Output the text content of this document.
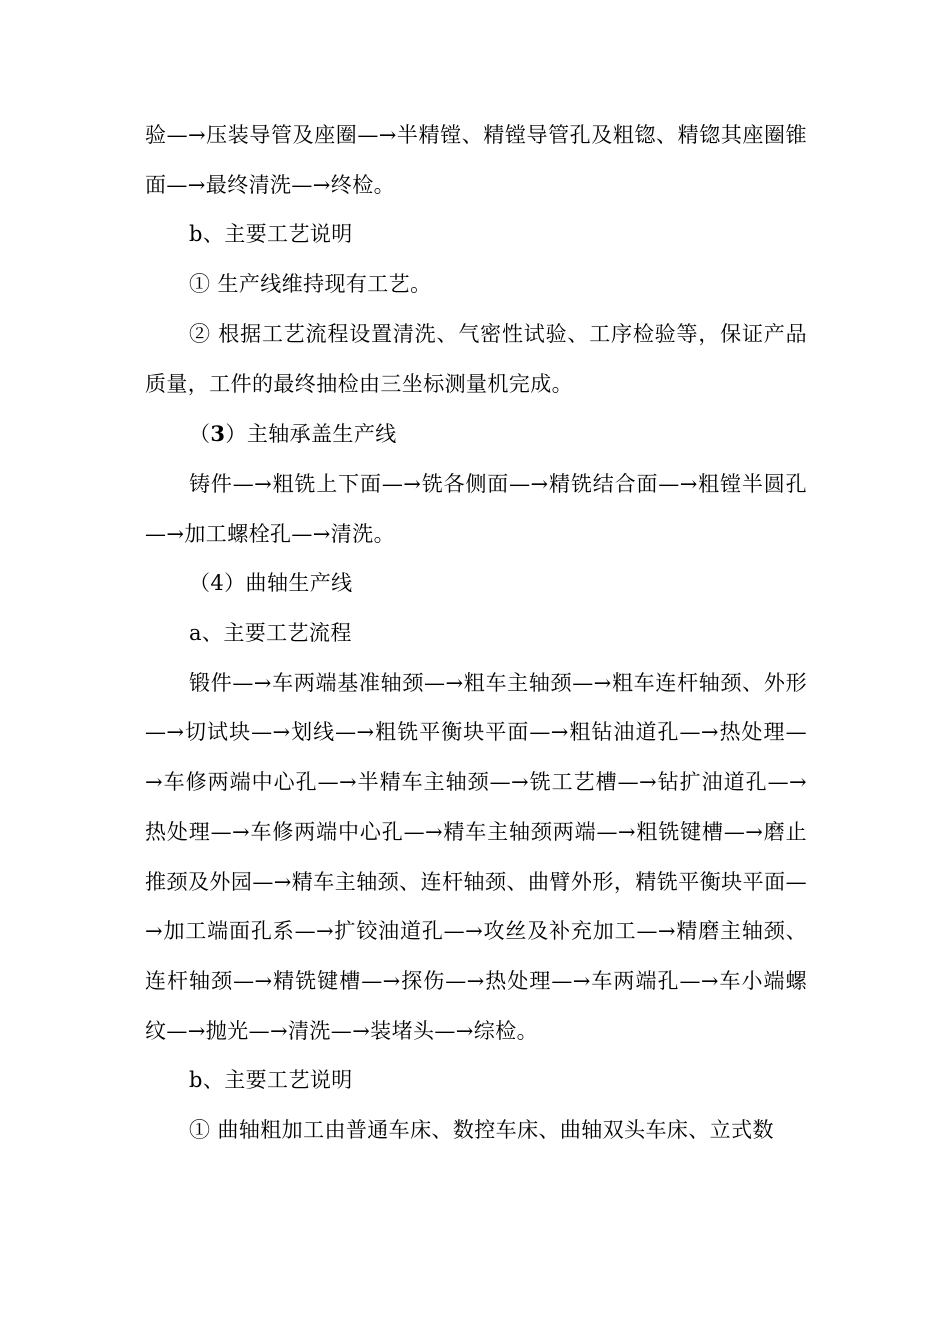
验—→压装导管及座圈—→半精镗、精镗导管孔及粗锪、精锪其座圈锥面—→最终清洗—→终检。

b、主要工艺说明

① 生产线维持现有工艺。

② 根据工艺流程设置清洗、气密性试验、工序检验等，保证产品质量，工件的最终抽检由三坐标测量机完成。

（3）主轴承盖生产线

铸件—→粗铣上下面—→铣各侧面—→精铣结合面—→粗镗半圆孔—→加工螺栓孔—→清洗。

（4）曲轴生产线

a、主要工艺流程

锻件—→车两端基准轴颈—→粗车主轴颈—→粗车连杆轴颈、外形—→切试块—→划线—→粗铣平衡块平面—→粗钻油道孔—→热处理—→车修两端中心孔—→半精车主轴颈—→铣工艺槽—→钻扩油道孔—→热处理—→车修两端中心孔—→精车主轴颈两端—→粗铣键槽—→磨止推颈及外园—→精车主轴颈、连杆轴颈、曲臂外形，精铣平衡块平面—→加工端面孔系—→扩铰油道孔—→攻丝及补充加工—→精磨主轴颈、连杆轴颈—→精铣键槽—→探伤—→热处理—→车两端孔—→车小端螺纹—→抛光—→清洗—→装堵头—→综检。

b、主要工艺说明

① 曲轴粗加工由普通车床、数控车床、曲轴双头车床、立式数
